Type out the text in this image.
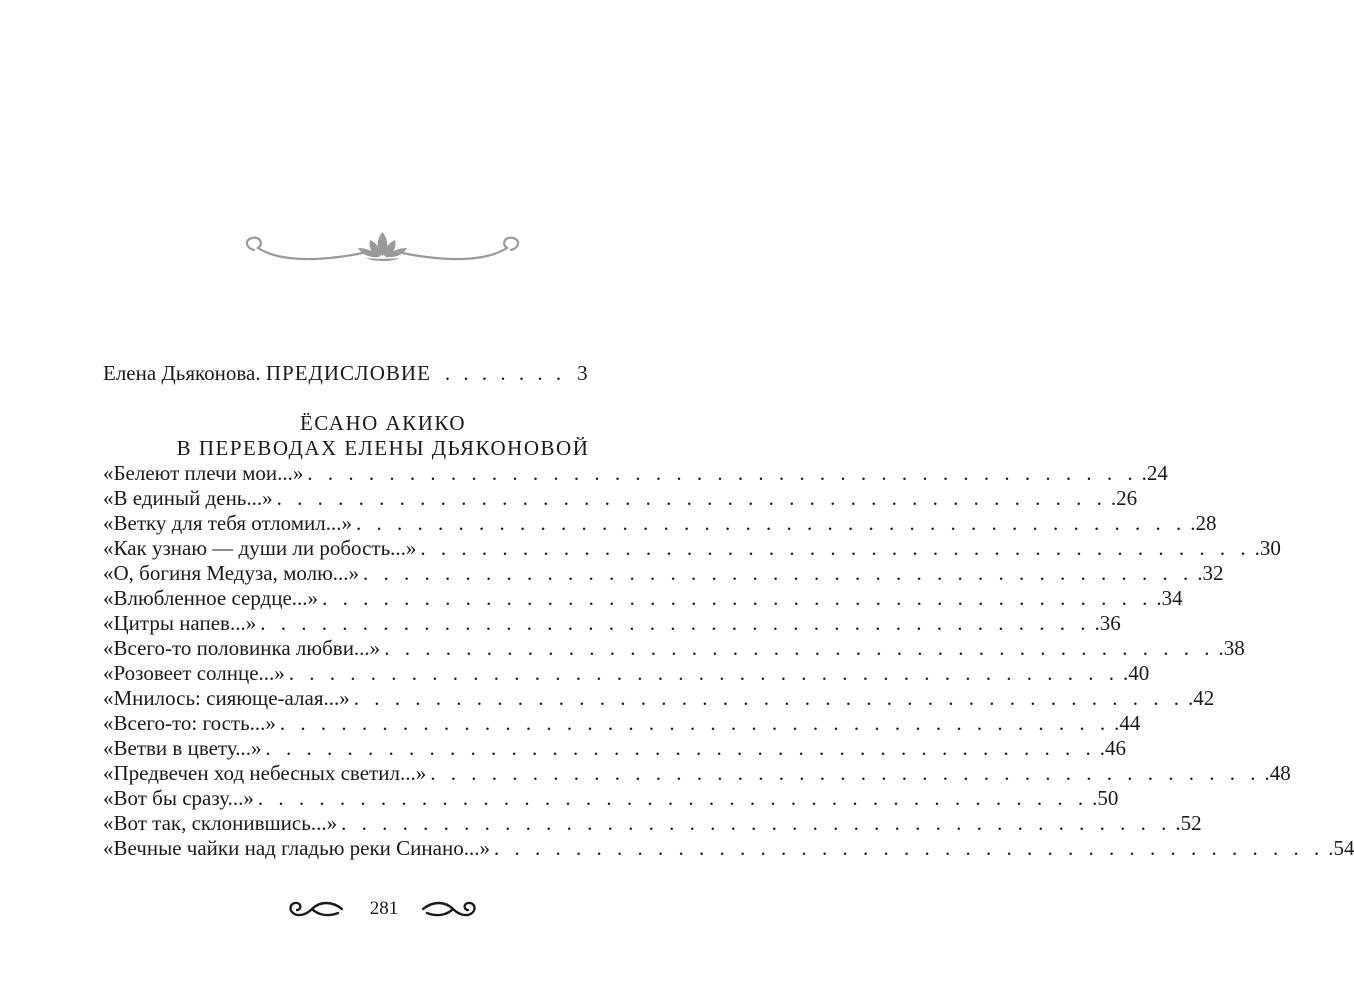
Елена Дьяконова. ПРЕДИСЛОВИЕ . . . . . . . 3
ЁСАНО АКИКО
В ПЕРЕВОДАХ ЕЛЕНЫ ДЬЯКОНОВОЙ
«Белеют плечи мои...» . . . . . . . . . . . . . . . . . . . . . . . . . . . . . . . . . . . . . . . . . .24
«В единый день...» . . . . . . . . . . . . . . . . . . . . . . . . . . . . . . . . . . . . . . . . . .26
«Ветку для тебя отломил...» . . . . . . . . . . . . . . . . . . . . . . . . . . . . . . . . . . . . . . . . . .28
«Как узнаю — души ли робость...» . . . . . . . . . . . . . . . . . . . . . . . . . . . . . . . . . . . . . . . . . .30
«О, богиня Медуза, молю...» . . . . . . . . . . . . . . . . . . . . . . . . . . . . . . . . . . . . . . . . . .32
«Влюбленное сердце...» . . . . . . . . . . . . . . . . . . . . . . . . . . . . . . . . . . . . . . . . . .34
«Цитры напев...» . . . . . . . . . . . . . . . . . . . . . . . . . . . . . . . . . . . . . . . . . .36
«Всего-то половинка любви...» . . . . . . . . . . . . . . . . . . . . . . . . . . . . . . . . . . . . . . . . . .38
«Розовеет солнце...» . . . . . . . . . . . . . . . . . . . . . . . . . . . . . . . . . . . . . . . . . .40
«Мнилось: сияюще-алая...» . . . . . . . . . . . . . . . . . . . . . . . . . . . . . . . . . . . . . . . . . .42
«Всего-то: гость...» . . . . . . . . . . . . . . . . . . . . . . . . . . . . . . . . . . . . . . . . . .44
«Ветви в цвету...» . . . . . . . . . . . . . . . . . . . . . . . . . . . . . . . . . . . . . . . . . .46
«Предвечен ход небесных светил...» . . . . . . . . . . . . . . . . . . . . . . . . . . . . . . . . . . . . . . . . . .48
«Вот бы сразу...» . . . . . . . . . . . . . . . . . . . . . . . . . . . . . . . . . . . . . . . . . .50
«Вот так, склонившись...» . . . . . . . . . . . . . . . . . . . . . . . . . . . . . . . . . . . . . . . . . .52
«Вечные чайки над гладью реки Синано...» . . . . . . . . . . . . . . . . . . . . . . . . . . . . . . . . . . . . . . . . . .54
281
